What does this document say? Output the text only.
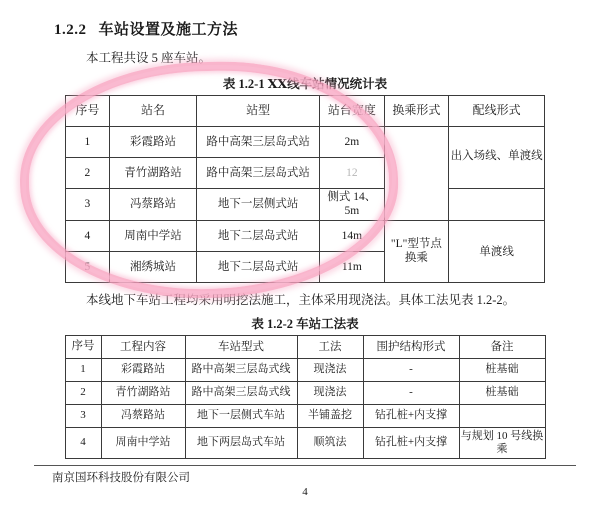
1.2.2 车站设置及施工方法

本工程共设 5 座车站。

表 1.2-1 ⅩⅩ线车站情况统计表
序号	站名	站型	站台宽度	换乘形式	配线形式
1	彩霞路站	路中高架三层岛式站	2m		出入场线、单渡线
2	青竹湖路站	路中高架三层岛式站	12		
3	冯蔡路站	地下一层侧式站	侧式 14、5m		
4	周南中学站	地下二层岛式站	14m	"L"型节点换乘	单渡线
5	湘绣城站	地下二层岛式站	11m		

本线地下车站工程均采用明挖法施工，主体采用现浇法。具体工法见表 1.2-2。

表 1.2-2 车站工法表
序号	工程内容	车站型式	工法	围护结构形式	备注
1	彩霞路站	路中高架三层岛式线	现浇法	-	桩基础
2	青竹湖路站	路中高架三层岛式线	现浇法	-	桩基础
3	冯蔡路站	地下一层侧式车站	半铺盖挖	钻孔桩+内支撑	
4	周南中学站	地下两层岛式车站	顺筑法	钻孔桩+内支撑	与规划 10 号线换乘
南京国环科技股份有限公司
4
